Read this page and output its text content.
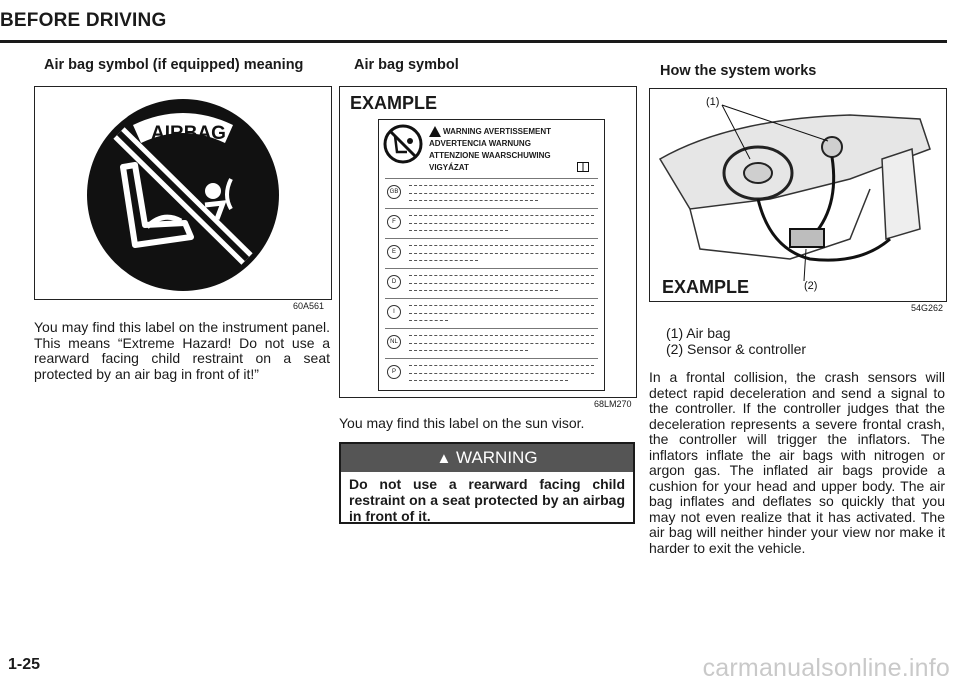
BEFORE DRIVING
Air bag symbol (if equipped) meaning
AIRBAG
60A561
You may find this label on the instrument panel. This means “Extreme Hazard! Do not use a rearward facing child restraint on a seat protected by an air bag in front of it!”
Air bag symbol
EXAMPLE
WARNING AVERTISSEMENT
ADVERTENCIA WARNUNG
ATTENZIONE WAARSCHUWING
VIGYÁZAT
GB
F
E
D
I
NL
P
68LM270
You may find this label on the sun visor.
▲ WARNING
Do not use a rearward facing child restraint on a seat protected by an airbag in front of it.
How the system works
(1)
(2)
EXAMPLE
54G262
(1) Air bag
(2) Sensor & controller
In a frontal collision, the crash sensors will detect rapid deceleration and send a signal to the controller. If the controller judges that the deceleration represents a severe frontal crash, the controller will trigger the inflators. The inflators inflate the air bags with nitrogen or argon gas. The inflated air bags provide a cushion for your head and upper body. The air bag inflates and deflates so quickly that you may not even realize that it has activated. The air bag will neither hinder your view nor make it harder to exit the vehicle.
1-25	carmanualsonline.info
